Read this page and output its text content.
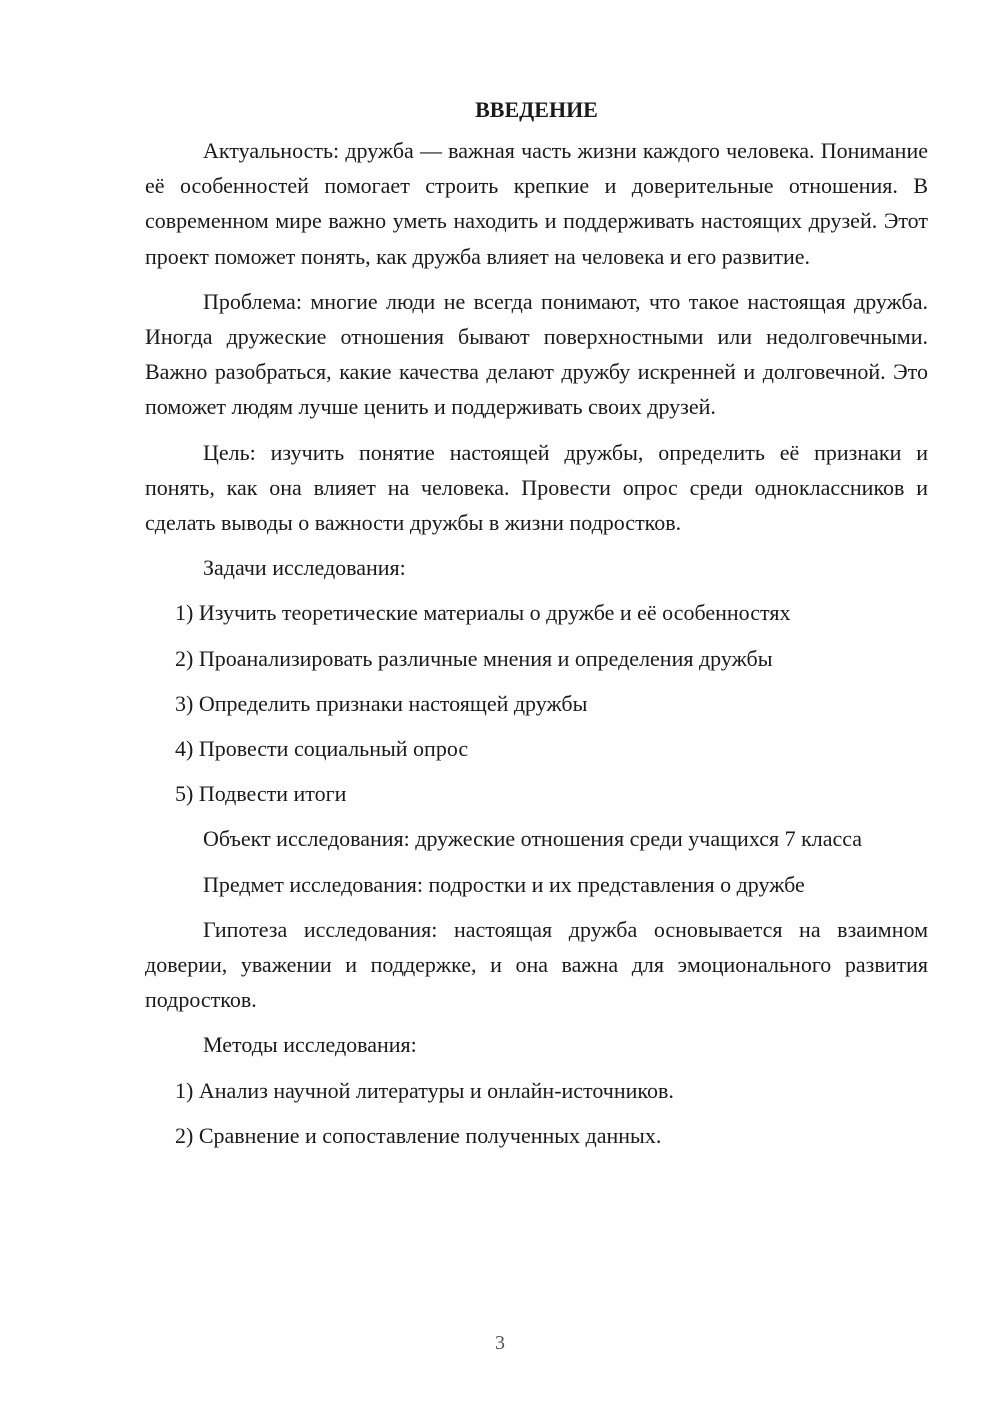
ВВЕДЕНИЕ

Актуальность: дружба — важная часть жизни каждого человека. Понимание её особенностей помогает строить крепкие и доверительные отношения. В современном мире важно уметь находить и поддерживать настоящих друзей. Этот проект поможет понять, как дружба влияет на человека и его развитие.

Проблема: многие люди не всегда понимают, что такое настоящая дружба. Иногда дружеские отношения бывают поверхностными или недолговечными. Важно разобраться, какие качества делают дружбу искренней и долговечной. Это поможет людям лучше ценить и поддерживать своих друзей.

Цель: изучить понятие настоящей дружбы, определить её признаки и понять, как она влияет на человека. Провести опрос среди одноклассников и сделать выводы о важности дружбы в жизни подростков.

Задачи исследования:

1) Изучить теоретические материалы о дружбе и её особенностях
2) Проанализировать различные мнения и определения дружбы
3) Определить признаки настоящей дружбы
4) Провести социальный опрос
5) Подвести итоги

Объект исследования: дружеские отношения среди учащихся 7 класса

Предмет исследования: подростки и их представления о дружбе

Гипотеза исследования: настоящая дружба основывается на взаимном доверии, уважении и поддержке, и она важна для эмоционального развития подростков.

Методы исследования:

1) Анализ научной литературы и онлайн-источников.
2) Сравнение и сопоставление полученных данных.
3
